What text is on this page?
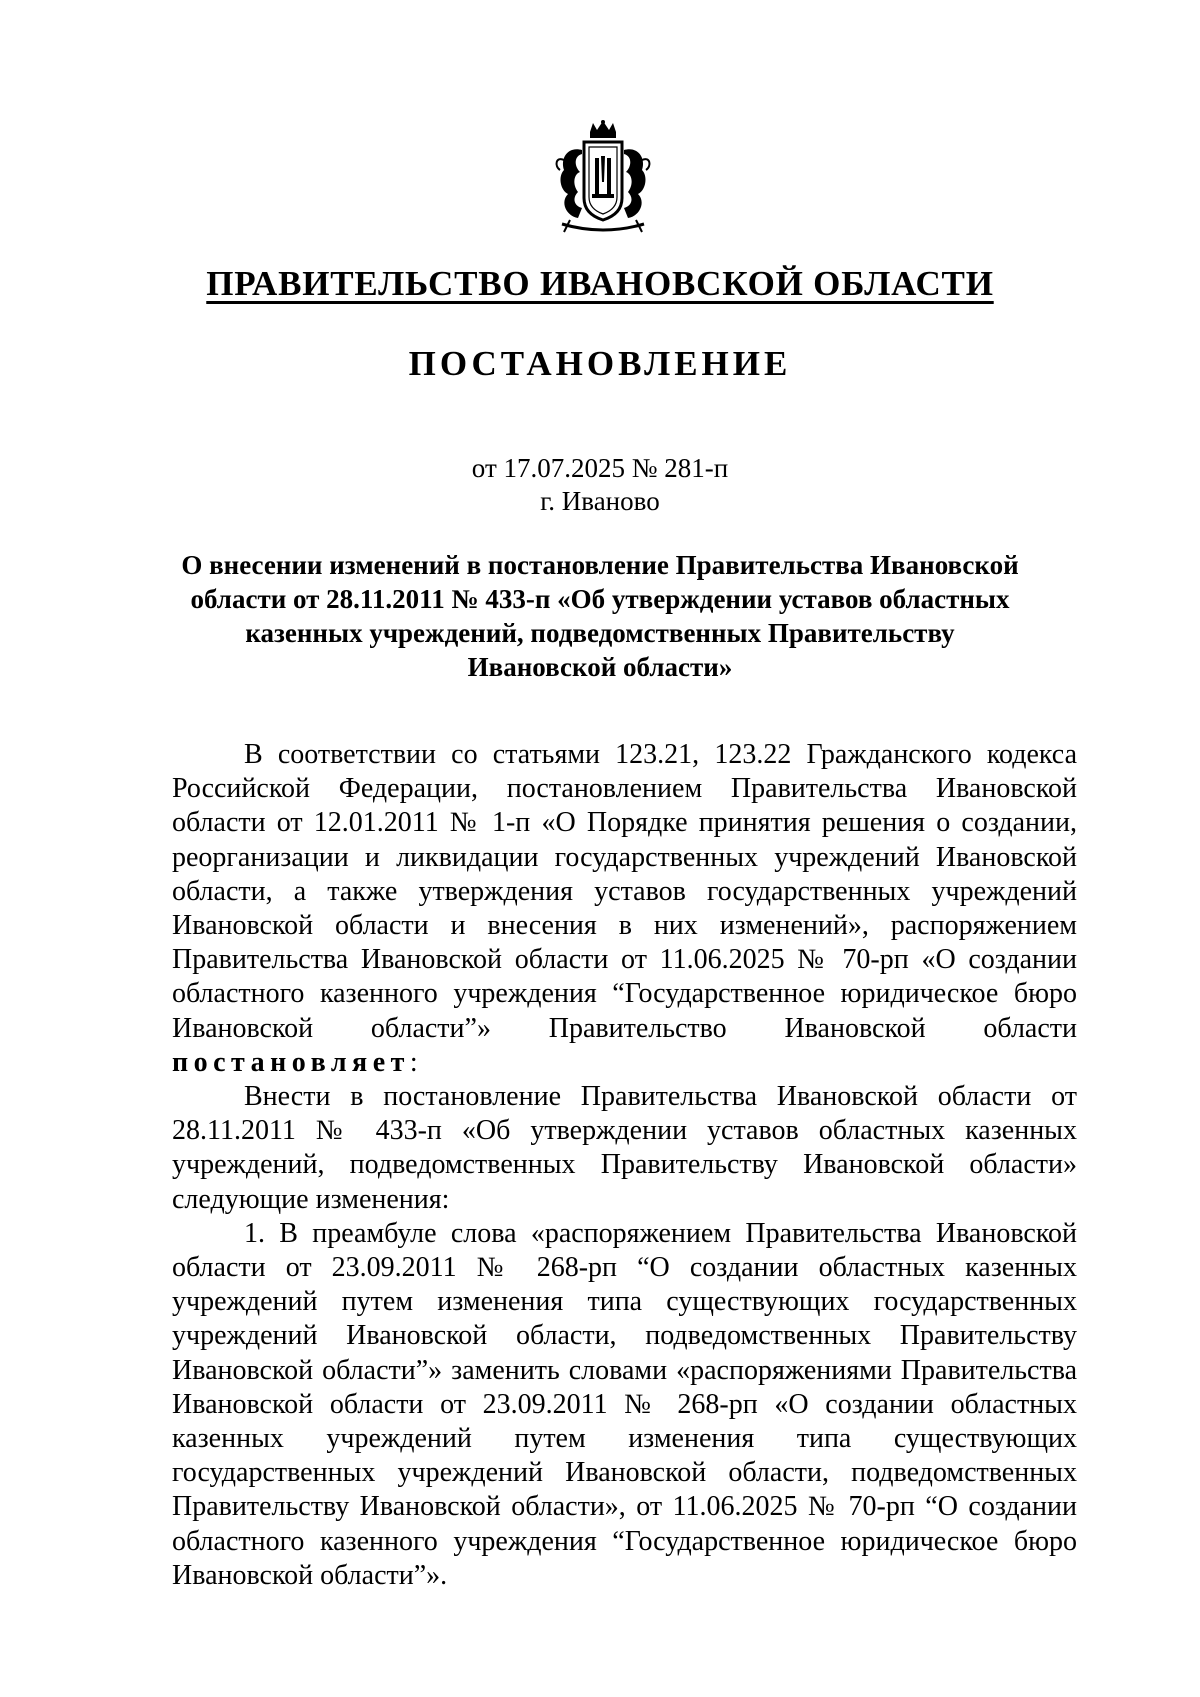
ПРАВИТЕЛЬСТВО ИВАНОВСКОЙ ОБЛАСТИ
ПОСТАНОВЛЕНИЕ
от 17.07.2025 № 281-п
г. Иваново
О внесении изменений в постановление Правительства Ивановской области от 28.11.2011 № 433-п «Об утверждении уставов областных казенных учреждений, подведомственных Правительству Ивановской области»

В соответствии со статьями 123.21, 123.22 Гражданского кодекса Российской Федерации, постановлением Правительства Ивановской области от 12.01.2011 № 1-п «О Порядке принятия решения о создании, реорганизации и ликвидации государственных учреждений Ивановской области, а также утверждения уставов государственных учреждений Ивановской области и внесения в них изменений», распоряжением Правительства Ивановской области от 11.06.2025 № 70-рп «О создании областного казенного учреждения “Государственное юридическое бюро Ивановской области”» Правительство Ивановской области постановляет:

Внести в постановление Правительства Ивановской области от 28.11.2011 № 433-п «Об утверждении уставов областных казенных учреждений, подведомственных Правительству Ивановской области» следующие изменения:

1. В преамбуле слова «распоряжением Правительства Ивановской области от 23.09.2011 № 268-рп “О создании областных казенных учреждений путем изменения типа существующих государственных учреждений Ивановской области, подведомственных Правительству Ивановской области”» заменить словами «распоряжениями Правительства Ивановской области от 23.09.2011 № 268-рп «О создании областных казенных учреждений путем изменения типа существующих государственных учреждений Ивановской области, подведомственных Правительству Ивановской области», от 11.06.2025 № 70-рп “О создании областного казенного учреждения “Государственное юридическое бюро Ивановской области”».
